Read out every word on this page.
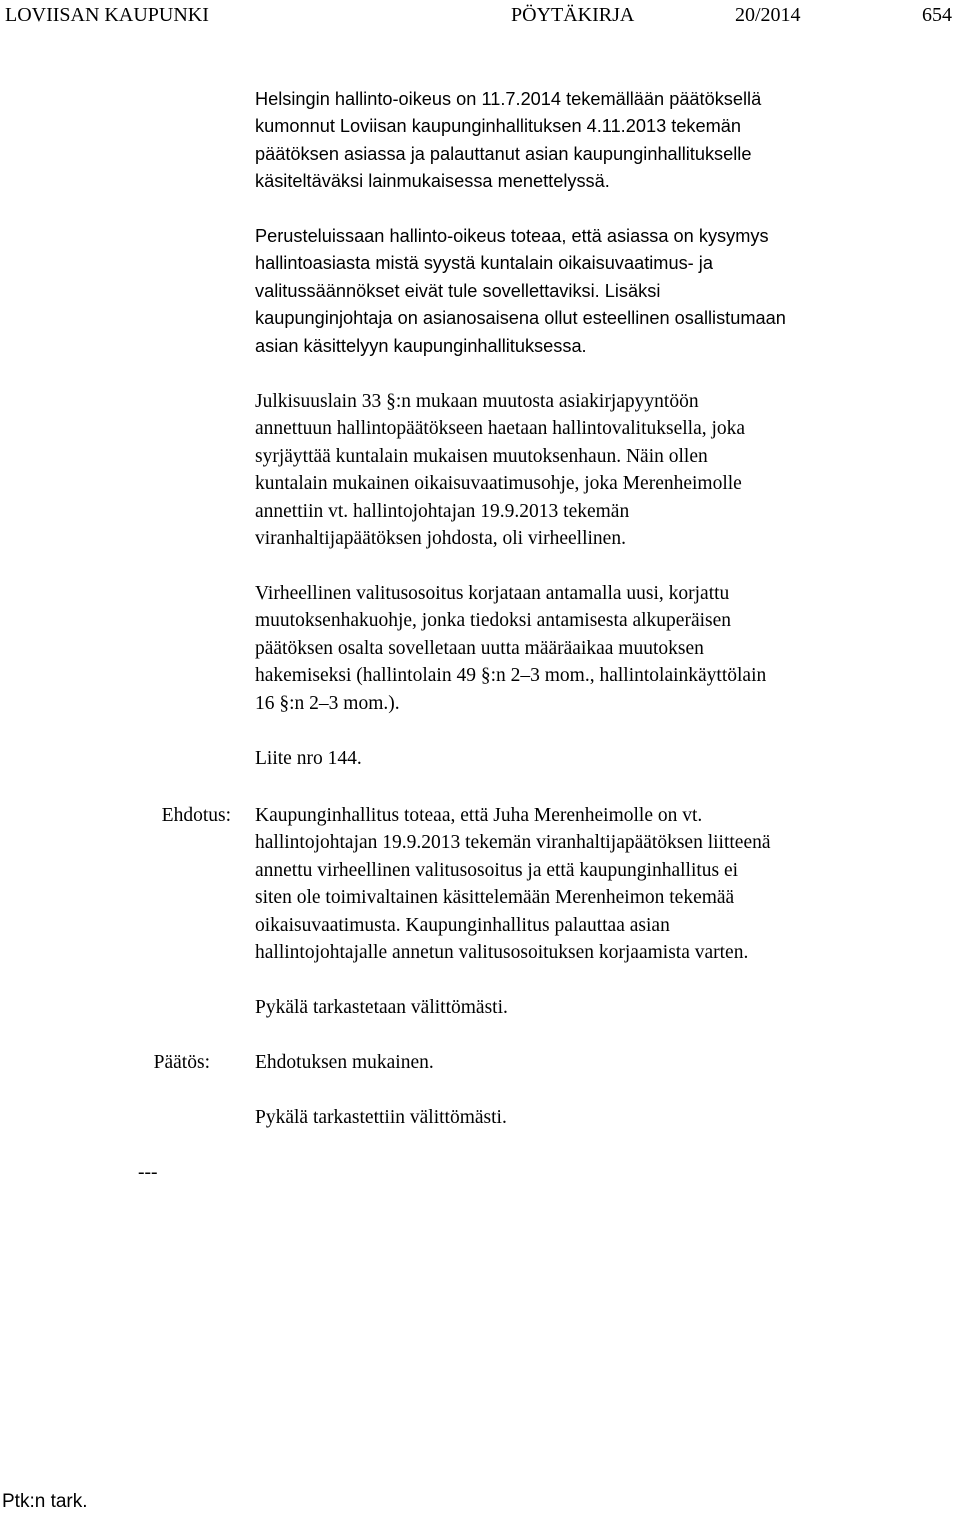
LOVIISAN KAUPUNKI	PÖYTÄKIRJA	20/2014	654
Helsingin hallinto-oikeus on 11.7.2014 tekemällään päätöksellä
kumonnut Loviisan kaupunginhallituksen 4.11.2013 tekemän
päätöksen asiassa ja palauttanut asian kaupunginhallitukselle
käsiteltäväksi lainmukaisessa menettelyssä.
Perusteluissaan hallinto-oikeus toteaa, että asiassa on kysymys
hallintoasiasta mistä syystä kuntalain oikaisuvaatimus- ja
valitussäännökset eivät tule sovellettaviksi. Lisäksi
kaupunginjohtaja on asianosaisena ollut esteellinen osallistumaan
asian käsittelyyn kaupunginhallituksessa.
Julkisuuslain 33 §:n mukaan muutosta asiakirjapyyntöön
annettuun hallintopäätökseen haetaan hallintovalituksella, joka
syrjäyttää kuntalain mukaisen muutoksenhaun. Näin ollen
kuntalain mukainen oikaisuvaatimusohje, joka Merenheimolle
annettiin vt. hallintojohtajan 19.9.2013 tekemän
viranhaltijapäätöksen johdosta, oli virheellinen.
Virheellinen valitusosoitus korjataan antamalla uusi, korjattu
muutoksenhakuohje, jonka tiedoksi antamisesta alkuperäisen
päätöksen osalta sovelletaan uutta määräaikaa muutoksen
hakemiseksi (hallintolain 49 §:n 2–3 mom., hallintolainkäyttölain
16 §:n 2–3 mom.).
Liite nro 144.
Ehdotus: Kaupunginhallitus toteaa, että Juha Merenheimolle on vt.
hallintojohtajan 19.9.2013 tekemän viranhaltijapäätöksen liitteenä
annettu virheellinen valitusosoitus ja että kaupunginhallitus ei
siten ole toimivaltainen käsittelemään Merenheimon tekemää
oikaisuvaatimusta. Kaupunginhallitus palauttaa asian
hallintojohtajalle annetun valitusosoituksen korjaamista varten.
Pykälä tarkastetaan välittömästi.
Päätös: Ehdotuksen mukainen.
Pykälä tarkastettiin välittömästi.
---
Ptk:n tark.
